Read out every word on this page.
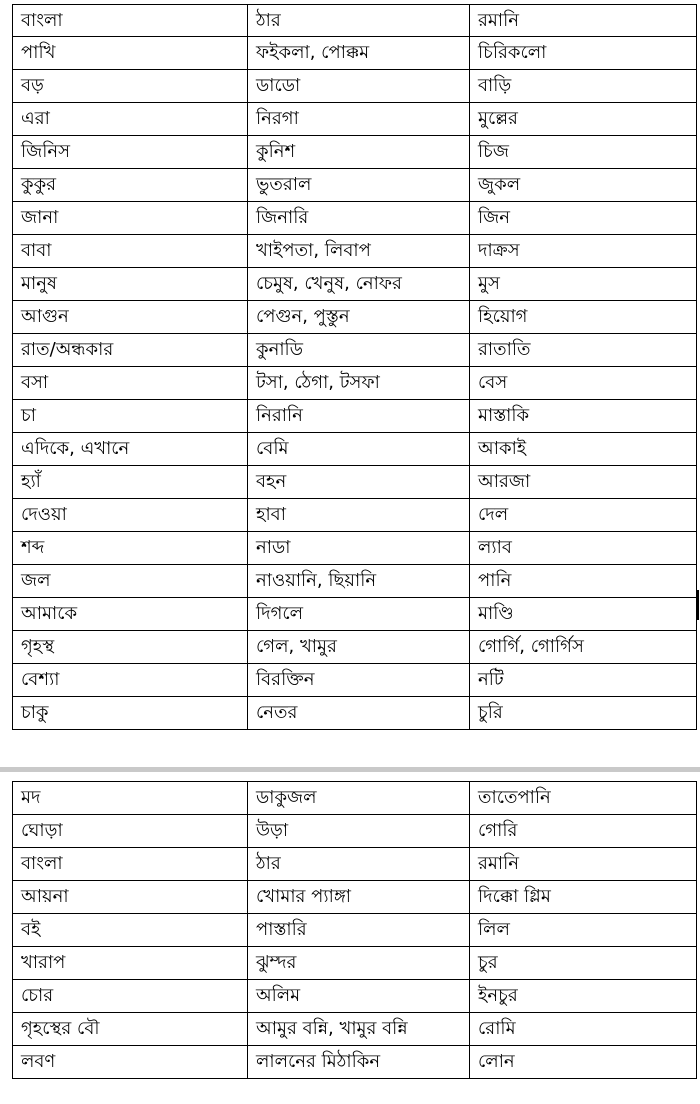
বাংলা	ঠার	রমানি
পাখি	ফইকলা, পোক্কম	চিরিকলো
বড়	ডাডো	বাড়ি
এরা	নিরগা	মুল্লের
জিনিস	কুনিশ	চিজ
কুকুর	ভুতরাল	জুকল
জানা	জিনারি	জিন
বাবা	খাইপতা, লিবাপ	দাক্রস
মানুষ	চেমুষ, খেনুষ, নোফর	মুস
আগুন	পেগুন, পুস্তুন	হিয়োগ
রাত/অন্ধকার	কুনাডি	রাতাতি
বসা	টসা, ঠেগা, টসফা	বেস
চা	নিরানি	মাস্তাকি
এদিকে, এখানে	বেমি	আকাই
হ্যাঁ	বহন	আরজা
দেওয়া	হাবা	দেল
শব্দ	নাডা	ল্যাব
জল	নাওয়ানি, ছিয়ানি	পানি
আমাকে	দিগলে	মাণ্ডি
গৃহস্থ	গেল, খামুর	গোর্গি, গোর্গিস
বেশ্যা	বিরক্তিন	নটি
চাকু	নেতর	চুরি
মদ	ডাকুজল	তাতেপানি
ঘোড়া	উড়া	গোরি
বাংলা	ঠার	রমানি
আয়না	খোমার প্যাঙ্গা	দিক্কো গ্লিম
বই	পাস্তারি	লিল
খারাপ	ঝুম্দর	চুর
চোর	অলিম	ইনচুর
গৃহস্থের বৌ	আমুর বন্নি, খামুর বন্নি	রোমি
লবণ	লালনের মিঠাকিন	লোন
